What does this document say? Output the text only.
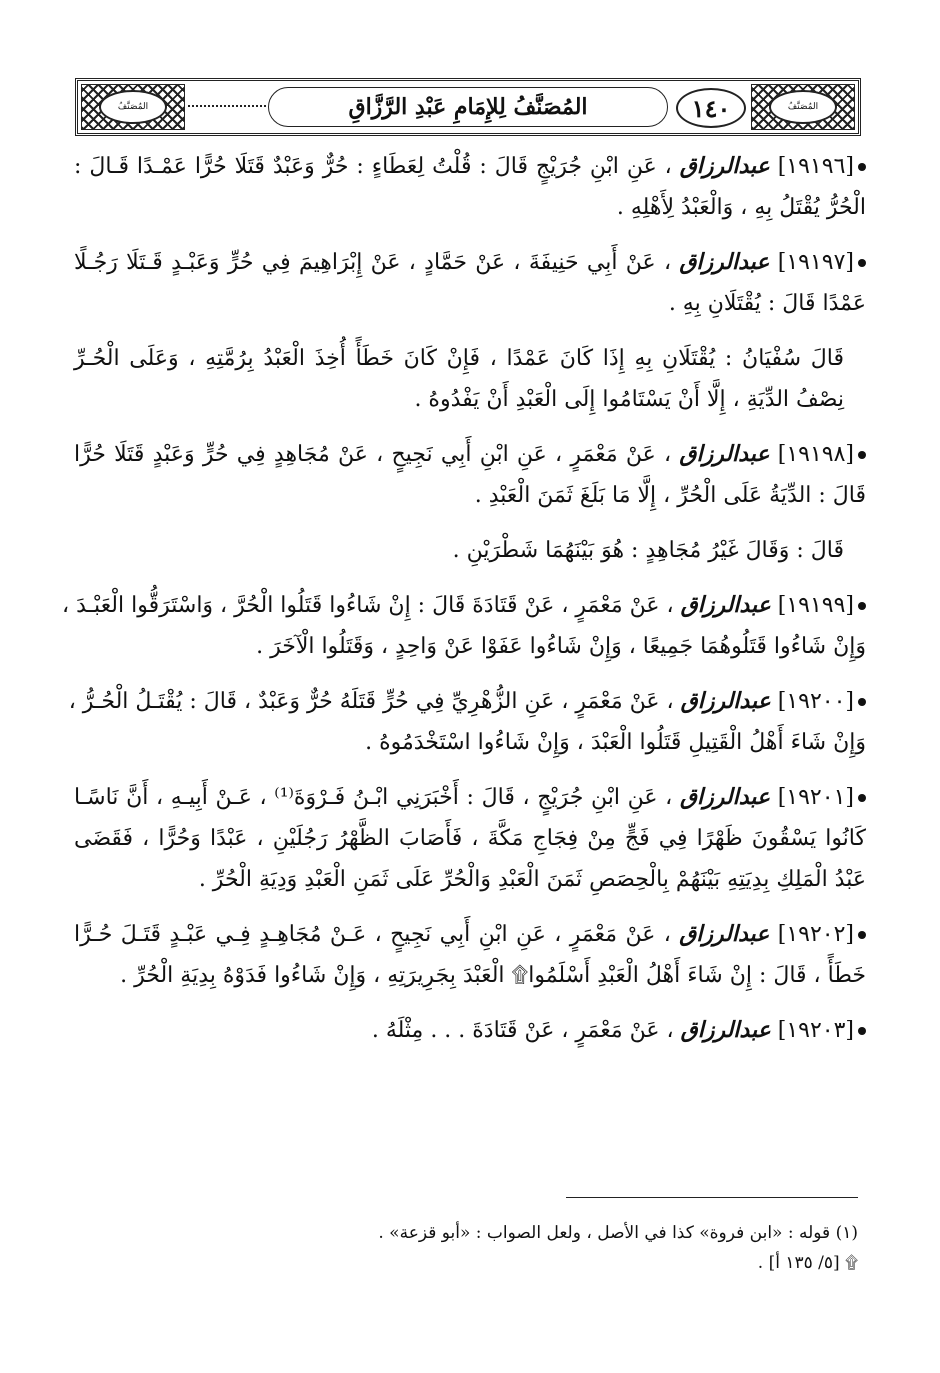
المُصَنَّفُ
المُصَنَّفُ	١٤٠
المُصَنَّفُ لِلإِمَامِ عَبْدِ الرَّزَّاقِ
[١٩١٩٦] عبدالرزاق ، عَنِ ابْنِ جُرَيْجٍ قَالَ : قُلْتُ لِعَطَاءٍ : حُرٌّ وَعَبْدٌ قَتَلَا حُرًّا عَمْـدًا قَـالَ :
الْحُرُّ يُقْتَلُ بِهِ ، وَالْعَبْدُ لِأَهْلِهِ .
[١٩١٩٧] عبدالرزاق ، عَنْ أَبِي حَنِيفَةَ ، عَنْ حَمَّادٍ ، عَنْ إِبْرَاهِيمَ فِي حُرٍّ وَعَبْـدٍ قَـتَلَا رَجُـلًا
عَمْدًا قَالَ : يُقْتَلَانِ بِهِ .
قَالَ سُفْيَانُ : يُقْتَلَانِ بِهِ إِذَا كَانَ عَمْدًا ، فَإِنْ كَانَ خَطَأً أُخِذَ الْعَبْدُ بِرُمَّتِهِ ، وَعَلَى الْحُـرِّ
نِصْفُ الدِّيَةِ ، إِلَّا أَنْ يَسْتَامُوا إِلَى الْعَبْدِ أَنْ يَفْدُوهُ .
[١٩١٩٨] عبدالرزاق ، عَنْ مَعْمَرٍ ، عَنِ ابْنِ أَبِي نَجِيحٍ ، عَنْ مُجَاهِدٍ فِي حُرٍّ وَعَبْدٍ قَتَلَا حُرًّا
قَالَ : الدِّيَةُ عَلَى الْحُرِّ ، إِلَّا مَا بَلَغَ ثَمَنَ الْعَبْدِ .
قَالَ : وَقَالَ غَيْرُ مُجَاهِدٍ : هُوَ بَيْنَهُمَا شَطْرَيْنِ .
[١٩١٩٩] عبدالرزاق ، عَنْ مَعْمَرٍ ، عَنْ قَتَادَةَ قَالَ : إِنْ شَاءُوا قَتَلُوا الْحُرَّ ، وَاسْتَرَقُّوا الْعَبْـدَ ،
وَإِنْ شَاءُوا قَتَلُوهُمَا جَمِيعًا ، وَإِنْ شَاءُوا عَفَوْا عَنْ وَاحِدٍ ، وَقَتَلُوا الْآخَرَ .
[١٩٢٠٠] عبدالرزاق ، عَنْ مَعْمَرٍ ، عَنِ الزُّهْرِيِّ فِي حُرٍّ قَتَلَهُ حُرٌّ وَعَبْدٌ ، قَالَ : يُقْتَـلُ الْحُـرُّ ،
وَإِنْ شَاءَ أَهْلُ الْقَتِيلِ قَتَلُوا الْعَبْدَ ، وَإِنْ شَاءُوا اسْتَخْدَمُوهُ .
[١٩٢٠١] عبدالرزاق ، عَنِ ابْنِ جُرَيْجٍ ، قَالَ : أَخْبَرَنِي ابْـنُ فَـرْوَةَ⁽¹⁾ ، عَـنْ أَبِيـهِ ، أَنَّ نَاسًـا
كَانُوا يَسْقُونَ ظَهْرًا فِي فَجٍّ مِنْ فِجَاجِ مَكَّةَ ، فَأَصَابَ الظَّهْرُ رَجُلَيْنِ ، عَبْدًا وَحُرًّا ، فَقَضَى
عَبْدُ الْمَلِكِ بِدِيَتِهِ بَيْنَهُمْ بِالْحِصَصِ ثَمَنَ الْعَبْدِ وَالْحُرِّ عَلَى ثَمَنِ الْعَبْدِ وَدِيَةِ الْحُرِّ .
[١٩٢٠٢] عبدالرزاق ، عَنْ مَعْمَرٍ ، عَنِ ابْنِ أَبِي نَجِيحٍ ، عَـنْ مُجَاهِـدٍ فِـي عَبْـدٍ قَتَـلَ حُـرًّا
خَطَأً ، قَالَ : إِنْ شَاءَ أَهْلُ الْعَبْدِ أَسْلَمُوا۩ الْعَبْدَ بِجَرِيرَتِهِ ، وَإِنْ شَاءُوا فَدَوْهُ بِدِيَةِ الْحُرِّ .
[١٩٢٠٣] عبدالرزاق ، عَنْ مَعْمَرٍ ، عَنْ قَتَادَةَ . . . مِثْلَهُ .
(١) قوله : «ابن فروة» كذا في الأصل ، ولعل الصواب : «أبو قزعة» .
۩ [٥/ ١٣٥ أ] .
